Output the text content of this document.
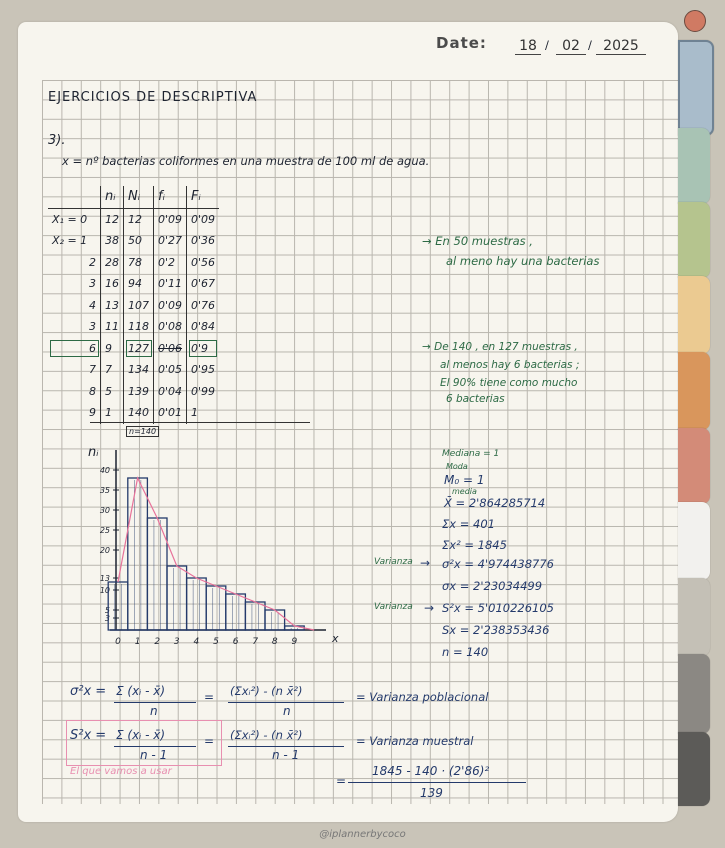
Date: 18 / 02 / 2025
EJERCICIOS DE DESCRIPTIVA
3).
x = nº bacterias coliformes en una muestra de 100 ml de agua.
	nᵢ	Nᵢ	fᵢ	Fᵢ
X₁ = 0	12	12	0'09	0'09
X₂ = 1	38	50	0'27	0'36
2	28	78	0'2	0'56
3	16	94	0'11	0'67
4	13	107	0'09	0'76
3	11	118	0'08	0'84
6	9	127	0'06	0'9
7	7	134	0'05	0'95
8	5	139	0'04	0'99
9	1	140	0'01	1
n=140
→ En 50 muestras ,
al meno hay una bacterias
→ De 140 , en 127 muestras ,
al menos hay 6 bacterias ;
El 90% tiene como mucho
6 bacterias
nᵢ
x
3
5
10
13
20
25
30
35
40
0 1 2 3 4 5 6 7 8 9
Mediana = 1
Moda
M₀ = 1
media
X̄ = 2'864285714
Σx = 401
Σx² = 1845
Varianza → σ²x = 4'974438776
σx = 2'23034499
Varianza → S²x = 5'010226105
Sx = 2'238353436
n = 140
σ²x = Σ (xᵢ - x̄)
n
= (Σxᵢ²) - (n x̄²)
n
= Varianza poblacional
S²x = Σ (xᵢ - x̄)
n - 1
= (Σxᵢ²) - (n x̄²)
n - 1
= Varianza muestral
El que vamos a usar
=
1845 - 140 · (2'86)²
139
@iplannerbycoco
